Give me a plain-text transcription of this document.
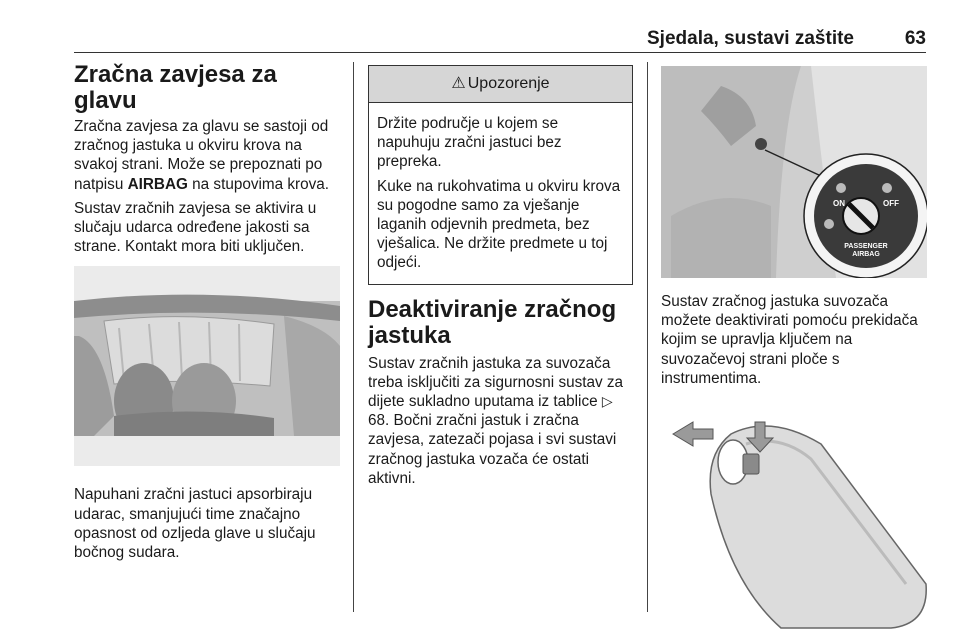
Sjedala, sustavi zaštite	63
Zračna zavjesa za glavu

Zračna zavjesa za glavu se sastoji od zračnog jastuka u okviru krova na svakoj strani. Može se prepoznati po natpisu AIRBAG na stupovima krova.

Sustav zračnih zavjesa se aktivira u slučaju udarca određene jakosti sa strane. Kontakt mora biti uključen.

Napuhani zračni jastuci apsorbiraju udarac, smanjujući time značajno opasnost od ozljeda glave u slučaju bočnog sudara.

⚠ Upozorenje

Držite područje u kojem se napuhuju zračni jastuci bez prepreka.

Kuke na rukohvatima u okviru krova su pogodne samo za vješanje laganih odjevnih predmeta, bez vješalica. Ne držite predmete u toj odjeći.

Deaktiviranje zračnog jastuka

Sustav zračnih jastuka za suvozača treba isključiti za sigurnosni sustav za dijete sukladno uputama iz tablice ▷ 68. Bočni zračni jastuk i zračna zavjesa, zatezači pojasa i svi sustavi zračnog jastuka vozača će ostati aktivni.

ON	OFF
PASSENGER
AIRBAG

Sustav zračnog jastuka suvozača možete deaktivirati pomoću prekidača kojim se upravlja ključem na suvozačevoj strani ploče s instrumentima.
